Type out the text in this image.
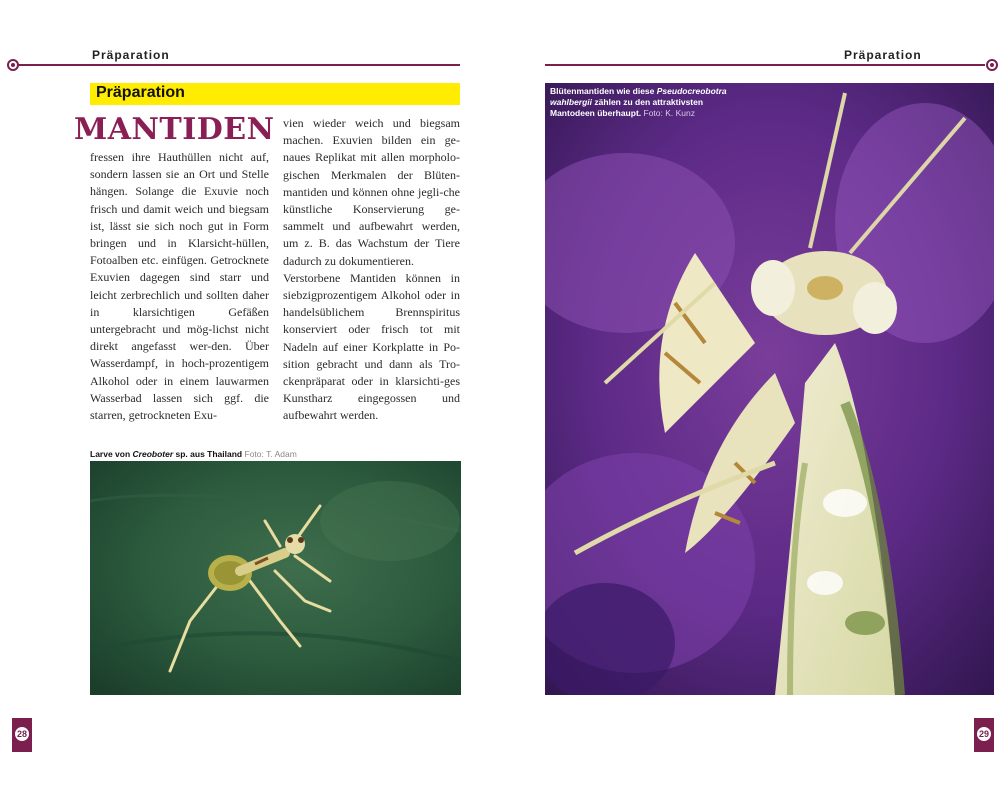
Präparation
Präparation
MANTIDEN

fressen ihre Hauthüllen nicht auf, sondern lassen sie an Ort und Stelle hängen. Solange die Exuvie noch frisch und damit weich und biegsam ist, lässt sie sich noch gut in Form bringen und in Klarsicht-hüllen, Fotoalben etc. einfügen. Getrocknete Exuvien dagegen sind starr und leicht zerbrechlich und sollten daher in klarsichtigen Gefäßen untergebracht und mög-lichst nicht direkt angefasst wer-den. Über Wasserdampf, in hoch-prozentigem Alkohol oder in einem lauwarmen Wasserbad lassen sich ggf. die starren, getrockneten Exu-

vien wieder weich und biegsam machen. Exuvien bilden ein ge-naues Replikat mit allen morpholo-gischen Merkmalen der Blüten-mantiden und können ohne jegli-che künstliche Konservierung ge-sammelt und aufbewahrt werden, um z. B. das Wachstum der Tiere dadurch zu dokumentieren.

Verstorbene Mantiden können in siebzigprozentigem Alkohol oder in handelsüblichem Brennspiritus konserviert oder frisch tot mit Nadeln auf einer Korkplatte in Po-sition gebracht und dann als Tro-ckenpräparat oder in klarsichti-ges Kunstharz eingegossen und aufbewahrt werden.

Larve von Creoboter sp. aus Thailand Foto: T. Adam
28
Präparation
Blütenmantiden wie diese Pseudocreobotra wahlbergii zählen zu den attraktivsten Mantodeen überhaupt. Foto: K. Kunz
29
